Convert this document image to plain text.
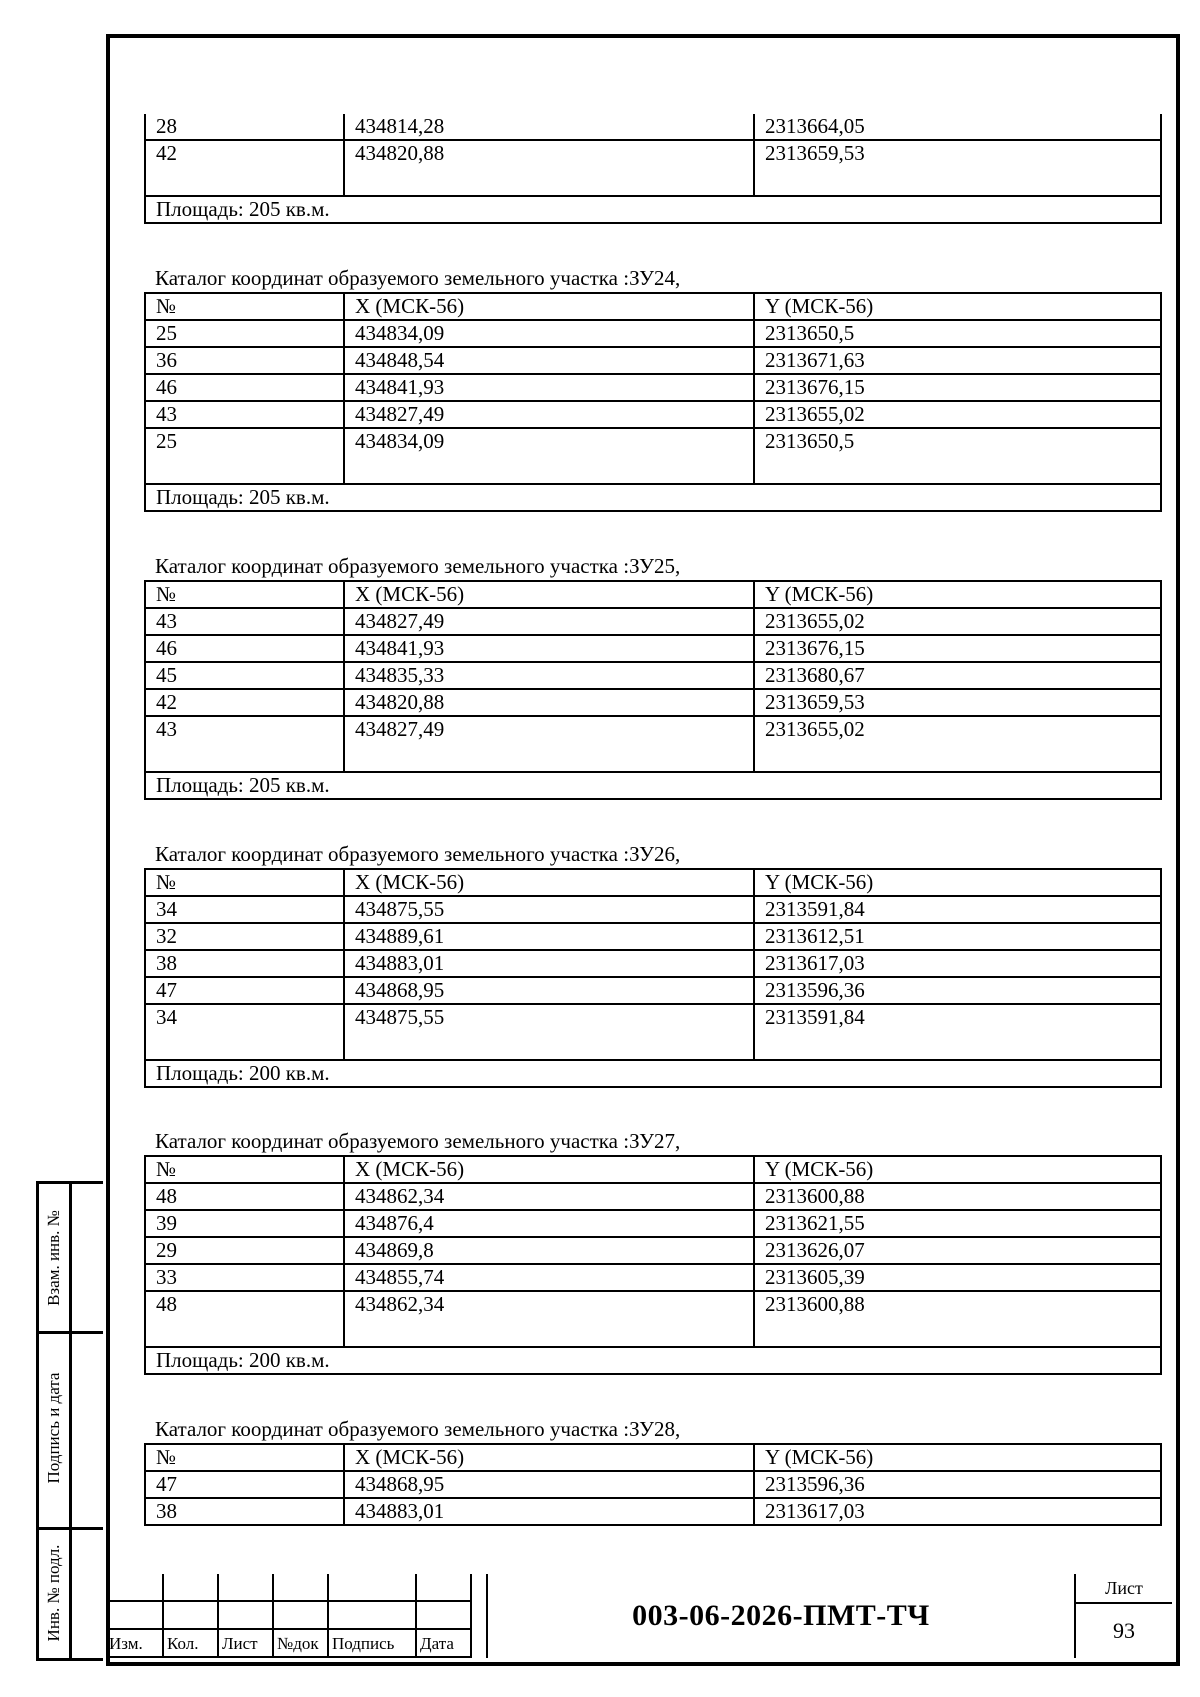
Взам. инв. №
Подпись и дата
Инв. № подл.
28	434814,28	2313664,05
42	434820,88	2313659,53
Площадь: 205 кв.м.		
Каталог координат образуемого земельного участка :ЗУ24,
№	X (МСК-56)	Y (МСК-56)
25	434834,09	2313650,5
36	434848,54	2313671,63
46	434841,93	2313676,15
43	434827,49	2313655,02
25	434834,09	2313650,5
Площадь: 205 кв.м.		
Каталог координат образуемого земельного участка :ЗУ25,
№	X (МСК-56)	Y (МСК-56)
43	434827,49	2313655,02
46	434841,93	2313676,15
45	434835,33	2313680,67
42	434820,88	2313659,53
43	434827,49	2313655,02
Площадь: 205 кв.м.		
Каталог координат образуемого земельного участка :ЗУ26,
№	X (МСК-56)	Y (МСК-56)
34	434875,55	2313591,84
32	434889,61	2313612,51
38	434883,01	2313617,03
47	434868,95	2313596,36
34	434875,55	2313591,84
Площадь: 200 кв.м.		
Каталог координат образуемого земельного участка :ЗУ27,
№	X (МСК-56)	Y (МСК-56)
48	434862,34	2313600,88
39	434876,4	2313621,55
29	434869,8	2313626,07
33	434855,74	2313605,39
48	434862,34	2313600,88
Площадь: 200 кв.м.		
Каталог координат образуемого земельного участка :ЗУ28,
№	X (МСК-56)	Y (МСК-56)
47	434868,95	2313596,36
38	434883,01	2313617,03
Изм. Кол. Лист №док Подпись Дата
003-06-2026-ПМТ-ТЧ
Лист
93
